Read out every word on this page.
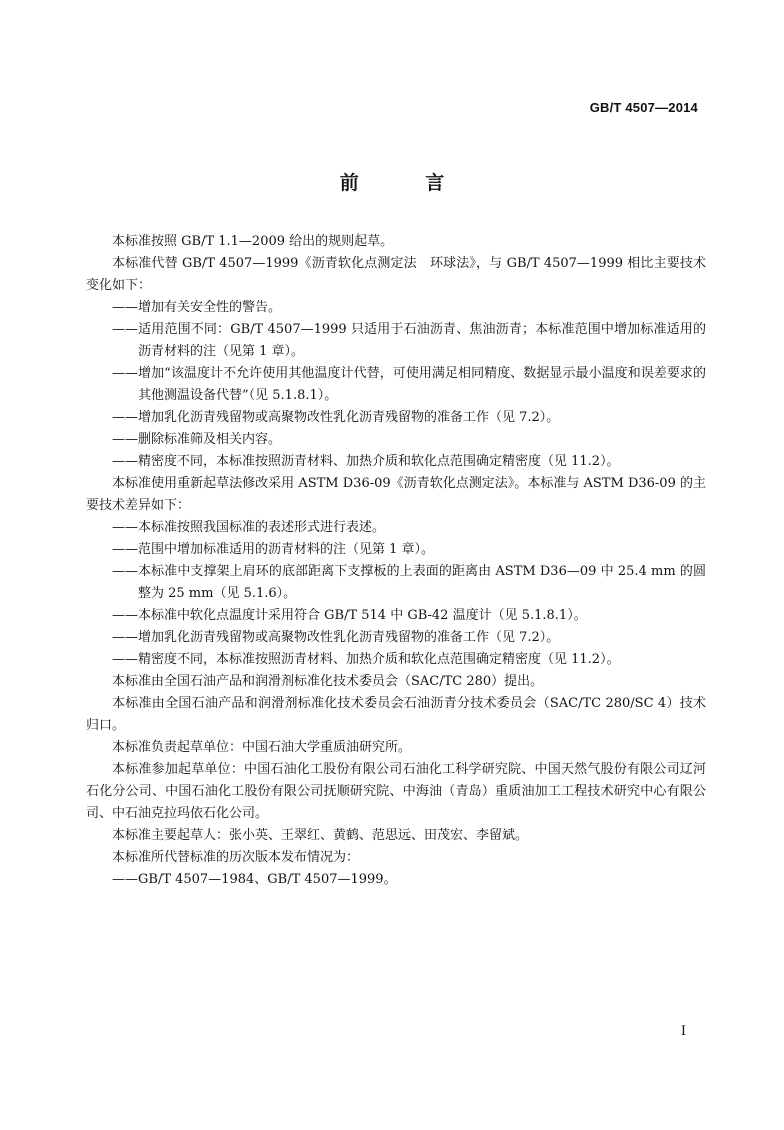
GB/T 4507—2014
前 言

本标准按照 GB/T 1.1—2009 给出的规则起草。

本标准代替 GB/T 4507—1999《沥青软化点测定法　环球法》，与 GB/T 4507—1999 相比主要技术变化如下：

——增加有关安全性的警告。

——适用范围不同：GB/T 4507—1999 只适用于石油沥青、焦油沥青；本标准范围中增加标准适用的沥青材料的注（见第 1 章）。

——增加“该温度计不允许使用其他温度计代替，可使用满足相同精度、数据显示最小温度和误差要求的其他测温设备代替”（见 5.1.8.1）。

——增加乳化沥青残留物或高聚物改性乳化沥青残留物的准备工作（见 7.2）。

——删除标准筛及相关内容。

——精密度不同，本标准按照沥青材料、加热介质和软化点范围确定精密度（见 11.2）。

本标准使用重新起草法修改采用 ASTM D36-09《沥青软化点测定法》。本标准与 ASTM D36-09 的主要技术差异如下：

——本标准按照我国标准的表述形式进行表述。

——范围中增加标准适用的沥青材料的注（见第 1 章）。

——本标准中支撑架上肩环的底部距离下支撑板的上表面的距离由 ASTM D36—09 中 25.4 mm 的圆整为 25 mm（见 5.1.6）。

——本标准中软化点温度计采用符合 GB/T 514 中 GB-42 温度计（见 5.1.8.1）。

——增加乳化沥青残留物或高聚物改性乳化沥青残留物的准备工作（见 7.2）。

——精密度不同，本标准按照沥青材料、加热介质和软化点范围确定精密度（见 11.2）。

本标准由全国石油产品和润滑剂标准化技术委员会（SAC/TC 280）提出。

本标准由全国石油产品和润滑剂标准化技术委员会石油沥青分技术委员会（SAC/TC 280/SC 4）技术归口。

本标准负责起草单位：中国石油大学重质油研究所。

本标准参加起草单位：中国石油化工股份有限公司石油化工科学研究院、中国天然气股份有限公司辽河石化分公司、中国石油化工股份有限公司抚顺研究院、中海油（青岛）重质油加工工程技术研究中心有限公司、中石油克拉玛依石化公司。

本标准主要起草人：张小英、王翠红、黄鹤、范思远、田茂宏、李留斌。

本标准所代替标准的历次版本发布情况为：

——GB/T 4507—1984、GB/T 4507—1999。

I
